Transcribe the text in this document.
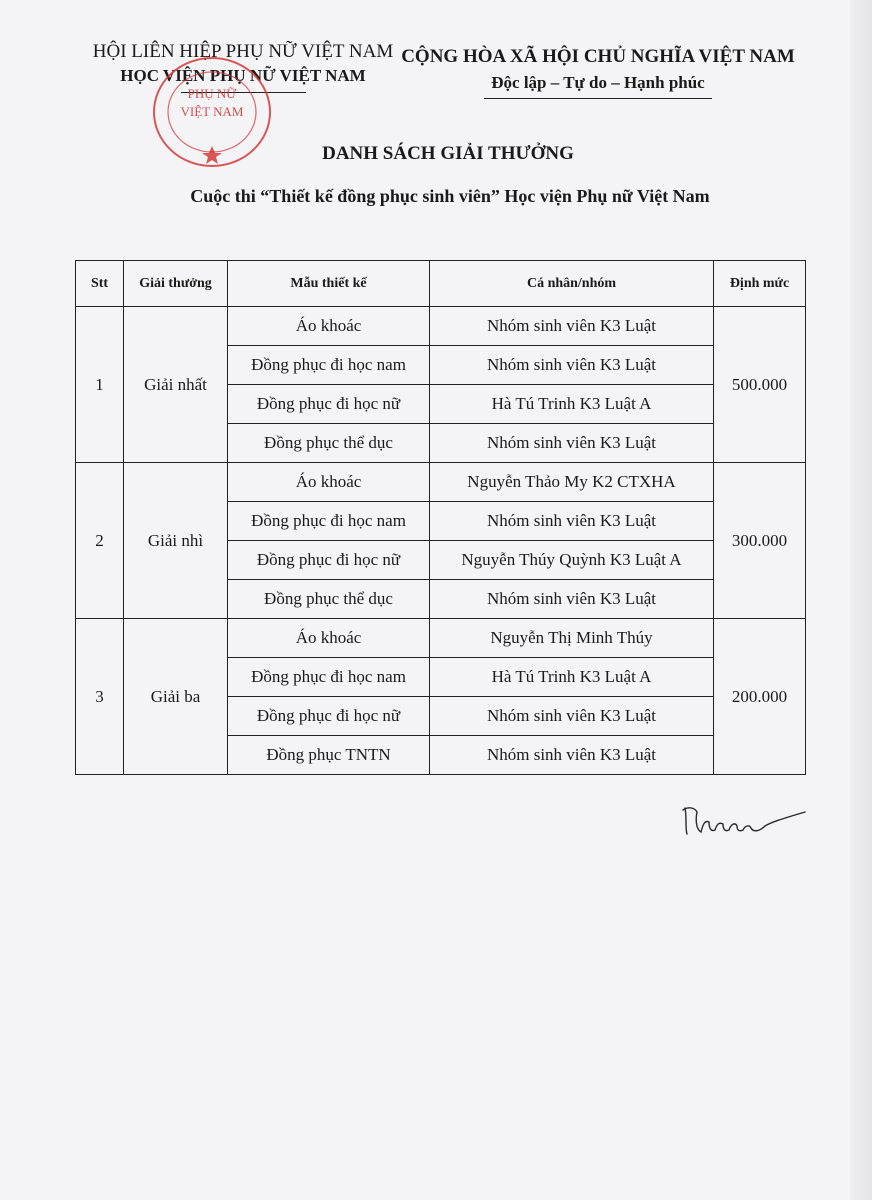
HỘI LIÊN HIỆP PHỤ NỮ VIỆT NAM
HỌC VIỆN PHỤ NỮ VIỆT NAM
CỘNG HÒA XÃ HỘI CHỦ NGHĨA VIỆT NAM
Độc lập – Tự do – Hạnh phúc
PHỤ NỮ
VIỆT NAM
DANH SÁCH GIẢI THƯỞNG
Cuộc thi “Thiết kế đồng phục sinh viên” Học viện Phụ nữ Việt Nam
Stt	Giải thưởng	Mẫu thiết kế	Cá nhân/nhóm	Định mức
1	Giải nhất	Áo khoác	Nhóm sinh viên K3 Luật	500.000
		Đồng phục đi học nam	Nhóm sinh viên K3 Luật	
		Đồng phục đi học nữ	Hà Tú Trinh K3 Luật A	
		Đồng phục thể dục	Nhóm sinh viên K3 Luật	
2	Giải nhì	Áo khoác	Nguyễn Thảo My K2 CTXHA	300.000
		Đồng phục đi học nam	Nhóm sinh viên K3 Luật	
		Đồng phục đi học nữ	Nguyễn Thúy Quỳnh K3 Luật A	
		Đồng phục thể dục	Nhóm sinh viên K3 Luật	
3	Giải ba	Áo khoác	Nguyễn Thị Minh Thúy	200.000
		Đồng phục đi học nam	Hà Tú Trinh K3 Luật A	
		Đồng phục đi học nữ	Nhóm sinh viên K3 Luật	
		Đồng phục TNTN	Nhóm sinh viên K3 Luật	
